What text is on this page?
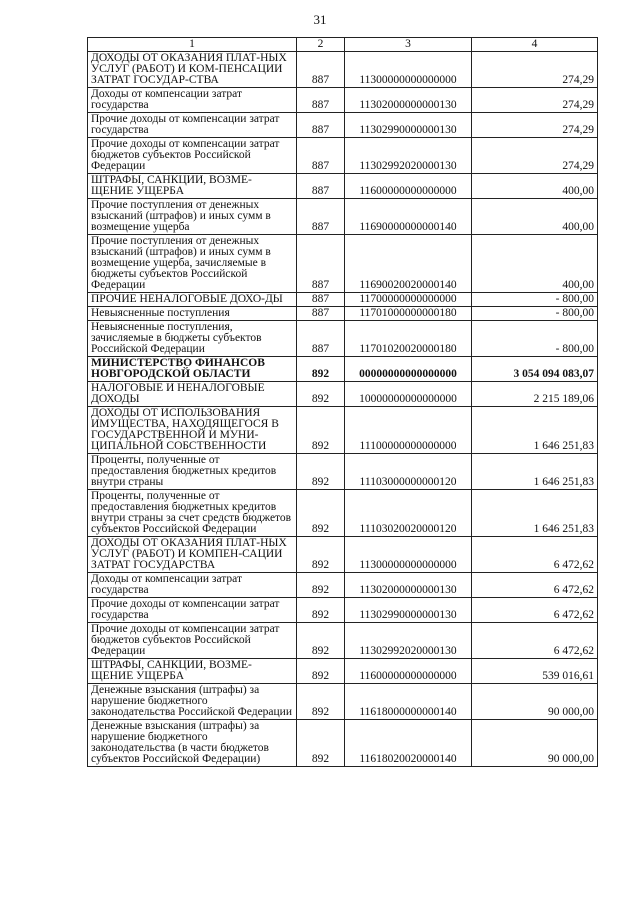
31
1	2	3	4
ДОХОДЫ ОТ ОКАЗАНИЯ ПЛАТ-НЫХ УСЛУГ (РАБОТ) И КОМ-ПЕНСАЦИИ ЗАТРАТ ГОСУДАР-СТВА	887	11300000000000000	274,29
Доходы от компенсации затрат государства	887	11302000000000130	274,29
Прочие доходы от компенсации затрат государства	887	11302990000000130	274,29
Прочие доходы от компенсации затрат бюджетов субъектов Российской Федерации	887	11302992020000130	274,29
ШТРАФЫ, САНКЦИИ, ВОЗМЕ-ЩЕНИЕ УЩЕРБА	887	11600000000000000	400,00
Прочие поступления от денежных взысканий (штрафов) и иных сумм в возмещение ущерба	887	11690000000000140	400,00
Прочие поступления от денежных взысканий (штрафов) и иных сумм в возмещение ущерба, зачисляемые в бюджеты субъектов Российской Федерации	887	11690020020000140	400,00
ПРОЧИЕ НЕНАЛОГОВЫЕ ДОХО-ДЫ	887	11700000000000000	- 800,00
Невыясненные поступления	887	11701000000000180	- 800,00
Невыясненные поступления, зачисляемые в бюджеты субъектов Российской Федерации	887	11701020020000180	- 800,00
МИНИСТЕРСТВО ФИНАНСОВ НОВГОРОДСКОЙ ОБЛАСТИ	892	00000000000000000	3 054 094 083,07
НАЛОГОВЫЕ И НЕНАЛОГОВЫЕ ДОХОДЫ	892	10000000000000000	2 215 189,06
ДОХОДЫ ОТ ИСПОЛЬЗОВАНИЯ ИМУЩЕСТВА, НАХОДЯЩЕГОСЯ В ГОСУДАРСТВЕННОЙ И МУНИ-ЦИПАЛЬНОЙ СОБСТВЕННОСТИ	892	11100000000000000	1 646 251,83
Проценты, полученные от предоставления бюджетных кредитов внутри страны	892	11103000000000120	1 646 251,83
Проценты, полученные от предоставления бюджетных кредитов внутри страны за счет средств бюджетов субъектов Российской Федерации	892	11103020020000120	1 646 251,83
ДОХОДЫ ОТ ОКАЗАНИЯ ПЛАТ-НЫХ УСЛУГ (РАБОТ) И КОМПЕН-САЦИИ ЗАТРАТ ГОСУДАРСТВА	892	11300000000000000	6 472,62
Доходы от компенсации затрат государства	892	11302000000000130	6 472,62
Прочие доходы от компенсации затрат государства	892	11302990000000130	6 472,62
Прочие доходы от компенсации затрат бюджетов субъектов Российской Федерации	892	11302992020000130	6 472,62
ШТРАФЫ, САНКЦИИ, ВОЗМЕ-ЩЕНИЕ УЩЕРБА	892	11600000000000000	539 016,61
Денежные взыскания (штрафы) за нарушение бюджетного законодательства Российской Федерации	892	11618000000000140	90 000,00
Денежные взыскания (штрафы) за нарушение бюджетного законодательства (в части бюджетов субъектов Российской Федерации)	892	11618020020000140	90 000,00
